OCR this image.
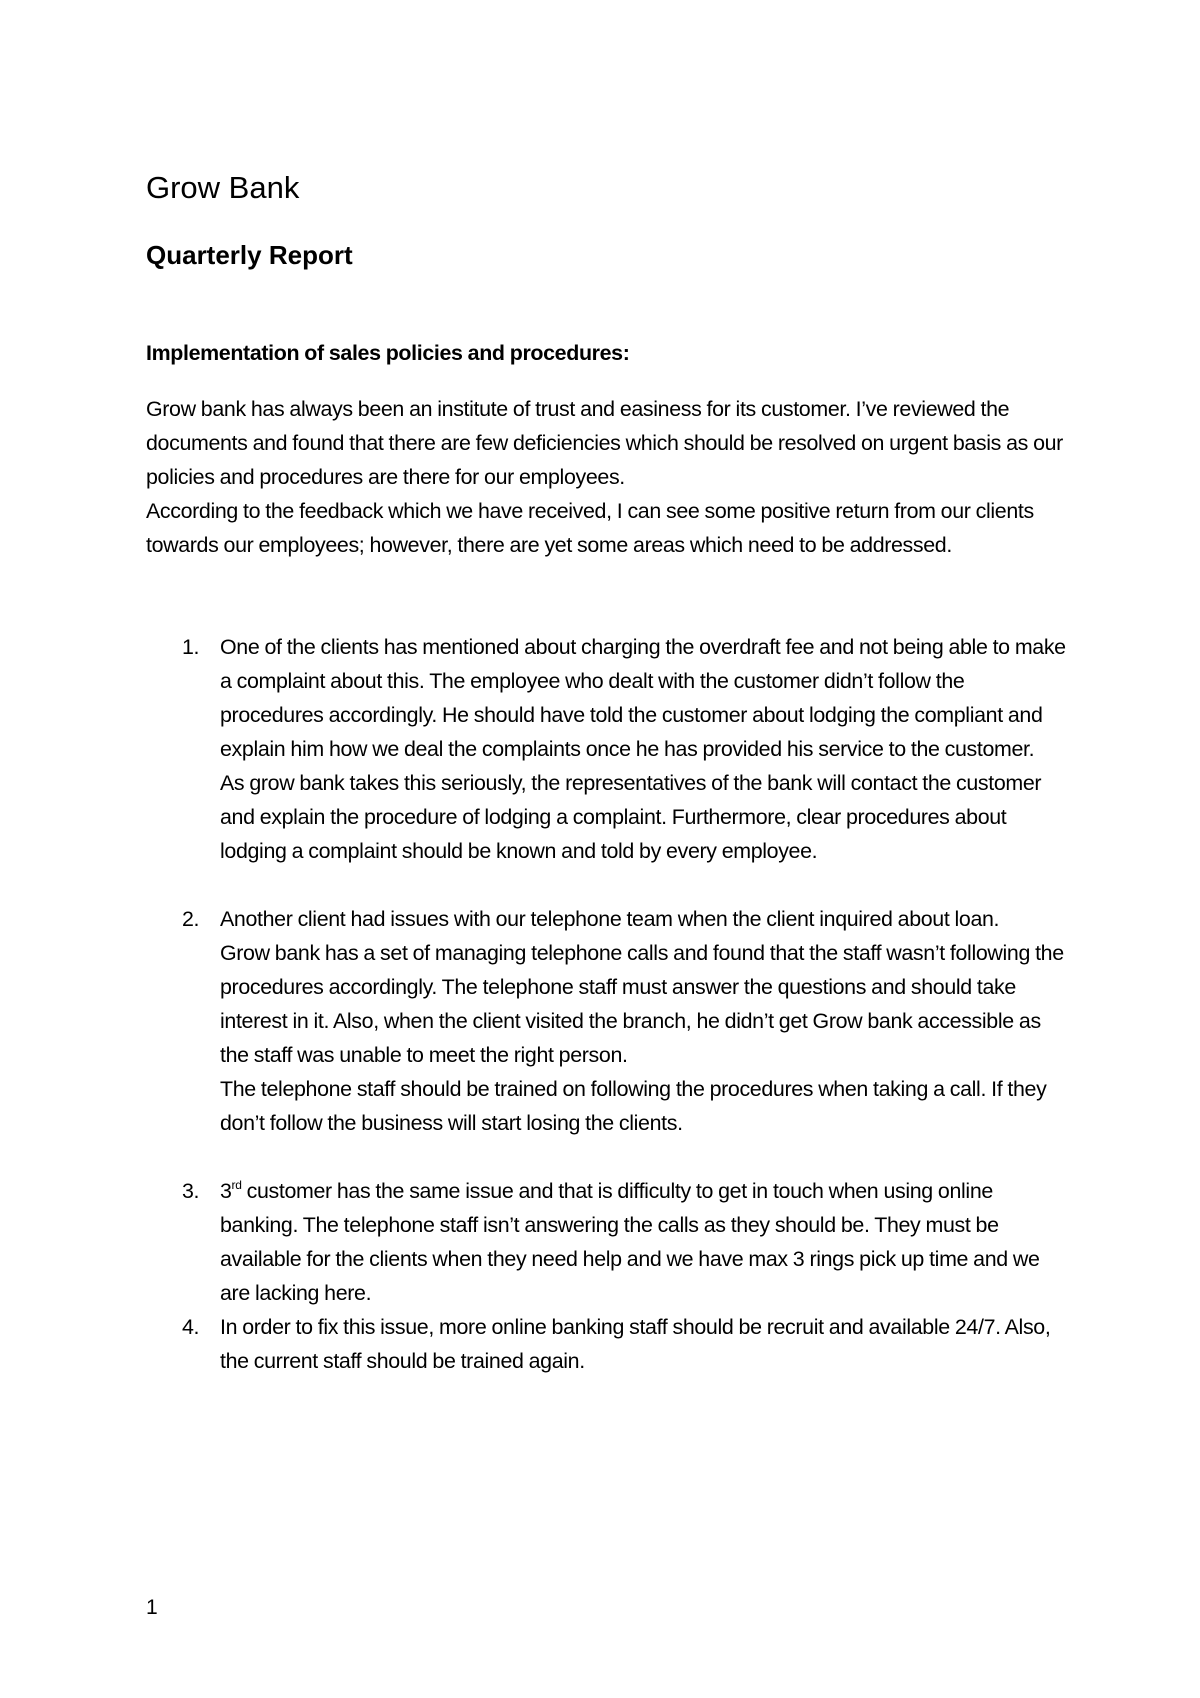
Grow Bank
Quarterly Report
Implementation of sales policies and procedures:

Grow bank has always been an institute of trust and easiness for its customer. I’ve reviewed the documents and found that there are few deficiencies which should be resolved on urgent basis as our policies and procedures are there for our employees.

According to the feedback which we have received, I can see some positive return from our clients towards our employees; however, there are yet some areas which need to be addressed.

1. One of the clients has mentioned about charging the overdraft fee and not being able to make a complaint about this. The employee who dealt with the customer didn’t follow the procedures accordingly. He should have told the customer about lodging the compliant and explain him how we deal the complaints once he has provided his service to the customer.

As grow bank takes this seriously, the representatives of the bank will contact the customer and explain the procedure of lodging a complaint. Furthermore, clear procedures about lodging a complaint should be known and told by every employee.

2. Another client had issues with our telephone team when the client inquired about loan.

Grow bank has a set of managing telephone calls and found that the staff wasn’t following the procedures accordingly. The telephone staff must answer the questions and should take interest in it. Also, when the client visited the branch, he didn’t get Grow bank accessible as the staff was unable to meet the right person.

The telephone staff should be trained on following the procedures when taking a call. If they don’t follow the business will start losing the clients.

3. 3rd customer has the same issue and that is difficulty to get in touch when using online banking. The telephone staff isn’t answering the calls as they should be. They must be available for the clients when they need help and we have max 3 rings pick up time and we are lacking here.

4. In order to fix this issue, more online banking staff should be recruit and available 24/7. Also, the current staff should be trained again.

1
